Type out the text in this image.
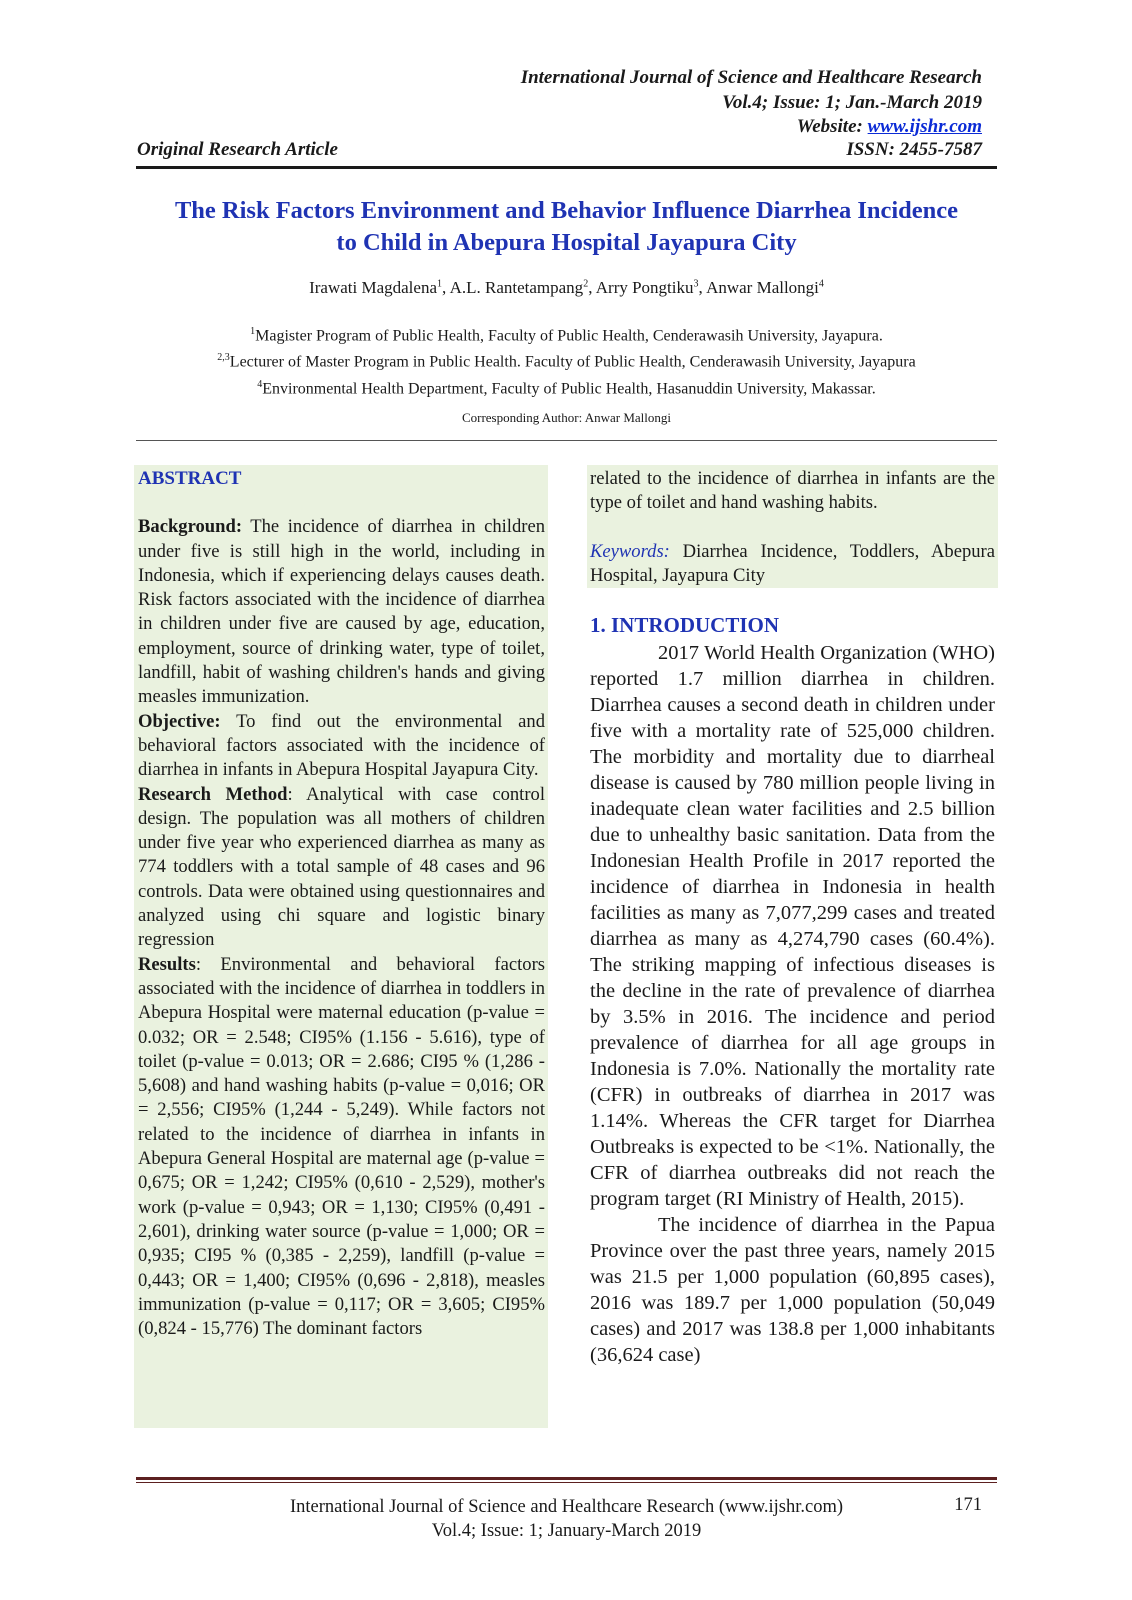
International Journal of Science and Healthcare Research
Vol.4; Issue: 1; Jan.-March 2019
Website: www.ijshr.com
Original Research Article	ISSN: 2455-7587
The Risk Factors Environment and Behavior Influence Diarrhea Incidence
to Child in Abepura Hospital Jayapura City
Irawati Magdalena$^1$, A.L. Rantetampang$^2$, Arry Pongtiku$^3$, Anwar Mallongi$^4$
$^1$Magister Program of Public Health, Faculty of Public Health, Cenderawasih University, Jayapura.
$^{2,3}$Lecturer of Master Program in Public Health. Faculty of Public Health, Cenderawasih University, Jayapura
$^4$Environmental Health Department, Faculty of Public Health, Hasanuddin University, Makassar.
Corresponding Author: Anwar Mallongi

ABSTRACT

Background: The incidence of diarrhea in children under five is still high in the world, including in Indonesia, which if experiencing delays causes death. Risk factors associated with the incidence of diarrhea in children under five are caused by age, education, employment, source of drinking water, type of toilet, landfill, habit of washing children's hands and giving measles immunization.

Objective: To find out the environmental and behavioral factors associated with the incidence of diarrhea in infants in Abepura Hospital Jayapura City.

Research Method: Analytical with case control design. The population was all mothers of children under five year who experienced diarrhea as many as 774 toddlers with a total sample of 48 cases and 96 controls. Data were obtained using questionnaires and analyzed using chi square and logistic binary regression

Results: Environmental and behavioral factors associated with the incidence of diarrhea in toddlers in Abepura Hospital were maternal education (p-value = 0.032; OR = 2.548; CI95% (1.156 - 5.616), type of toilet (p-value = 0.013; OR = 2.686; CI95 % (1,286 - 5,608) and hand washing habits (p-value = 0,016; OR = 2,556; CI95% (1,244 - 5,249). While factors not related to the incidence of diarrhea in infants in Abepura General Hospital are maternal age (p-value = 0,675; OR = 1,242; CI95% (0,610 - 2,529), mother's work (p-value = 0,943; OR = 1,130; CI95% (0,491 - 2,601), drinking water source (p-value = 1,000; OR = 0,935; CI95 % (0,385 - 2,259), landfill (p-value = 0,443; OR = 1,400; CI95% (0,696 - 2,818), measles immunization (p-value = 0,117; OR = 3,605; CI95% (0,824 - 15,776) The dominant factors

related to the incidence of diarrhea in infants are the type of toilet and hand washing habits.

Keywords: Diarrhea Incidence, Toddlers, Abepura Hospital, Jayapura City

1. INTRODUCTION

2017 World Health Organization (WHO) reported 1.7 million diarrhea in children. Diarrhea causes a second death in children under five with a mortality rate of 525,000 children. The morbidity and mortality due to diarrheal disease is caused by 780 million people living in inadequate clean water facilities and 2.5 billion due to unhealthy basic sanitation. Data from the Indonesian Health Profile in 2017 reported the incidence of diarrhea in Indonesia in health facilities as many as 7,077,299 cases and treated diarrhea as many as 4,274,790 cases (60.4%). The striking mapping of infectious diseases is the decline in the rate of prevalence of diarrhea by 3.5% in 2016. The incidence and period prevalence of diarrhea for all age groups in Indonesia is 7.0%. Nationally the mortality rate (CFR) in outbreaks of diarrhea in 2017 was 1.14%. Whereas the CFR target for Diarrhea Outbreaks is expected to be <1%. Nationally, the CFR of diarrhea outbreaks did not reach the program target (RI Ministry of Health, 2015).

The incidence of diarrhea in the Papua Province over the past three years, namely 2015 was 21.5 per 1,000 population (60,895 cases), 2016 was 189.7 per 1,000 population (50,049 cases) and 2017 was 138.8 per 1,000 inhabitants (36,624 case)

International Journal of Science and Healthcare Research (www.ijshr.com)
Vol.4; Issue: 1; January-March 2019
171
